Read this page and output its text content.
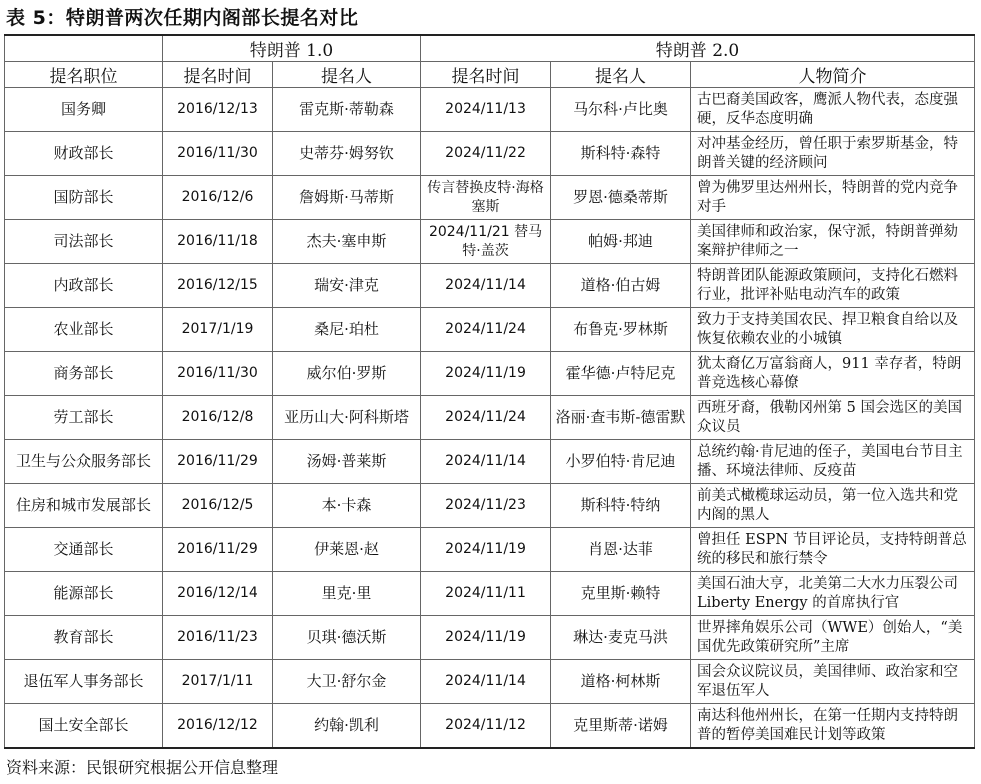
表 5：特朗普两次任期内阁部长提名对比
	特朗普 1.0		特朗普 2.0		
提名职位	提名时间	提名人	提名时间	提名人	人物简介
国务卿	2016/12/13	雷克斯·蒂勒森	2024/11/13	马尔科·卢比奥	古巴裔美国政客，鹰派人物代表，态度强硬，反华态度明确
财政部长	2016/11/30	史蒂芬·姆努钦	2024/11/22	斯科特·森特	对冲基金经历，曾任职于索罗斯基金，特朗普关键的经济顾问
国防部长	2016/12/6	詹姆斯·马蒂斯	传言替换皮特·海格塞斯	罗恩·德桑蒂斯	曾为佛罗里达州州长，特朗普的党内竞争对手
司法部长	2016/11/18	杰夫·塞申斯	2024/11/21 替马特·盖茨	帕姆·邦迪	美国律师和政治家，保守派，特朗普弹劾案辩护律师之一
内政部长	2016/12/15	瑞安·津克	2024/11/14	道格·伯古姆	特朗普团队能源政策顾问，支持化石燃料行业，批评补贴电动汽车的政策
农业部长	2017/1/19	桑尼·珀杜	2024/11/24	布鲁克·罗林斯	致力于支持美国农民、捍卫粮食自给以及恢复依赖农业的小城镇
商务部长	2016/11/30	威尔伯·罗斯	2024/11/19	霍华德·卢特尼克	犹太裔亿万富翁商人，911 幸存者，特朗普竞选核心幕僚
劳工部长	2016/12/8	亚历山大·阿科斯塔	2024/11/24	洛丽·查韦斯-德雷默	西班牙裔，俄勒冈州第 5 国会选区的美国众议员
卫生与公众服务部长	2016/11/29	汤姆·普莱斯	2024/11/14	小罗伯特·肯尼迪	总统约翰·肯尼迪的侄子，美国电台节目主播、环境法律师、反疫苗
住房和城市发展部长	2016/12/5	本·卡森	2024/11/23	斯科特·特纳	前美式橄榄球运动员，第一位入选共和党内阁的黑人
交通部长	2016/11/29	伊莱恩·赵	2024/11/19	肖恩·达菲	曾担任 ESPN 节目评论员，支持特朗普总统的移民和旅行禁令
能源部长	2016/12/14	里克·里	2024/11/11	克里斯·赖特	美国石油大亨，北美第二大水力压裂公司 Liberty Energy 的首席执行官
教育部长	2016/11/23	贝琪·德沃斯	2024/11/19	琳达·麦克马洪	世界摔角娱乐公司（WWE）创始人，“美国优先政策研究所”主席
退伍军人事务部长	2017/1/11	大卫·舒尔金	2024/11/14	道格·柯林斯	国会众议院议员，美国律师、政治家和空军退伍军人
国土安全部长	2016/12/12	约翰·凯利	2024/11/12	克里斯蒂·诺姆	南达科他州州长，在第一任期内支持特朗普的暂停美国难民计划等政策
资料来源：民银研究根据公开信息整理
